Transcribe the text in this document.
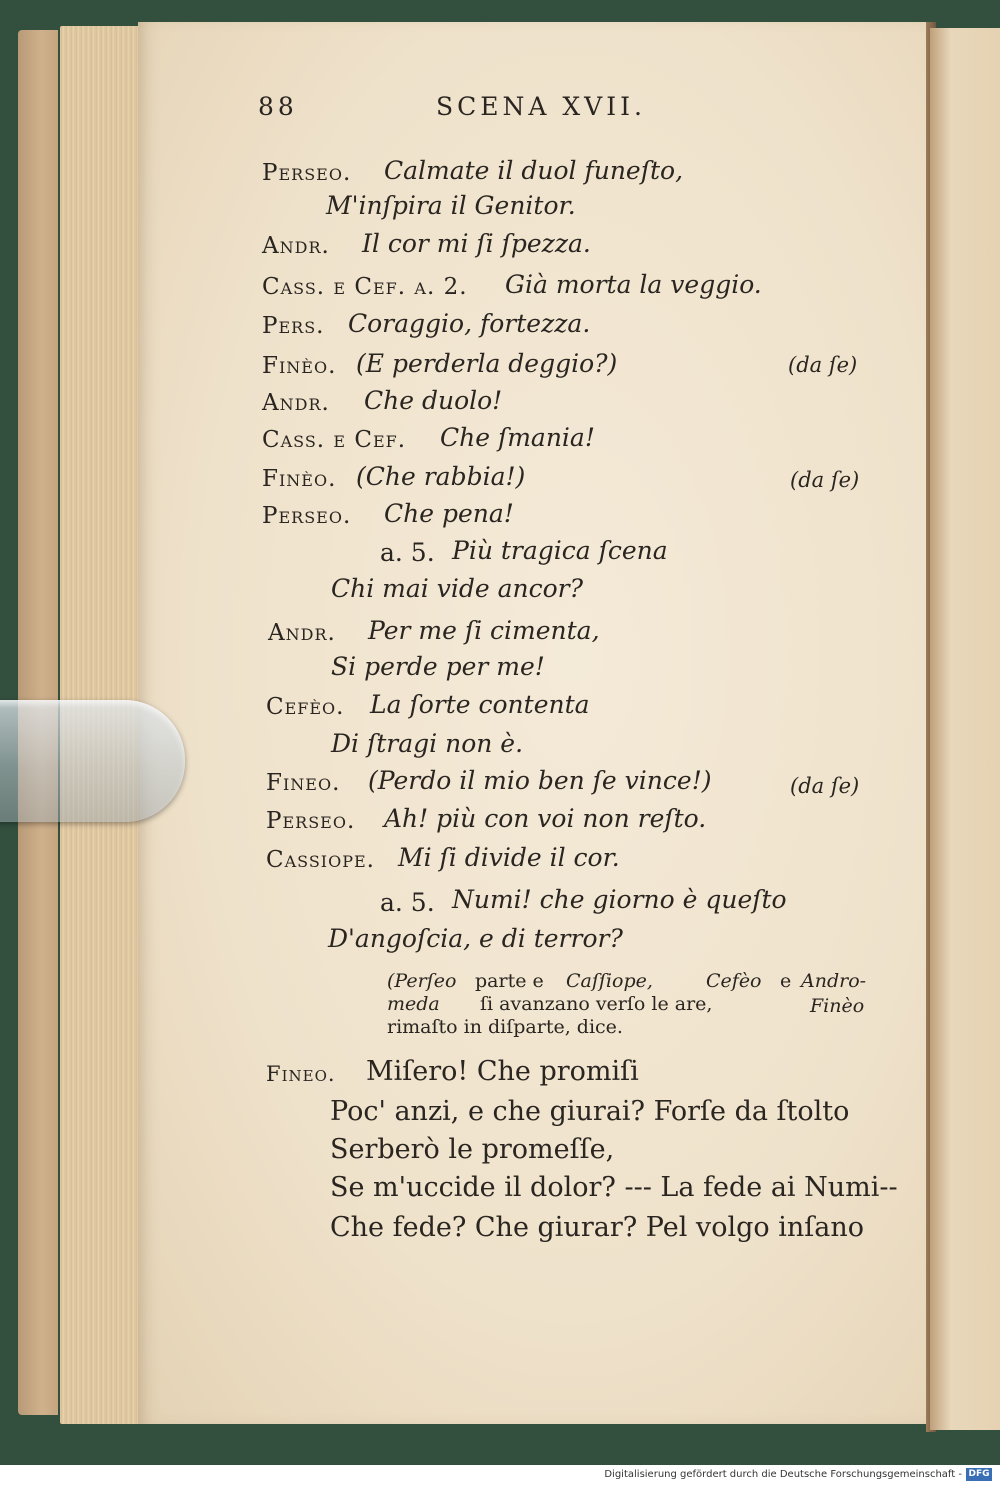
88	SCENA XVII.
Perseo. Calmate il duol funeſto,
M'inſpira il Genitor.
Andr. Il cor mi ſi ſpezza.
Cass. e Cef. a. 2. Già morta la veggio.
Pers. Coraggio, fortezza.
Finèo. (E perderla deggio?)	(da ſe)
Andr. Che duolo!
Cass. e Cef. Che ſmania!
Finèo. (Che rabbia!)	(da ſe)
Perseo. Che pena!
a. 5. Più tragica ſcena
Chi mai vide ancor?
Andr. Per me ſi cimenta,
Si perde per me!
Cefèo. La ſorte contenta
Di ſtragi non è.
Fineo. (Perdo il mio ben ſe vince!)	(da ſe)
Perseo. Ah! più con voi non reſto.
Cassiope. Mi ſi divide il cor.
a. 5. Numi! che giorno è queſto
D'angoſcia, e di terror?
(Perſeo parte e Caſſiope,	Cefèo e Andro-
meda ſi avanzano verſo le are,	Finèo
rimaſto in diſparte, dice.
Fineo. Miſero! Che promiſi
Poc' anzi, e che giurai? Forſe da ſtolto
Serberò le promeſſe,
Se m'uccide il dolor? --- La fede ai Numi--
Che fede? Che giurar? Pel volgo inſano
Digitalisierung gefördert durch die Deutsche Forschungsgemeinschaft - DFG
